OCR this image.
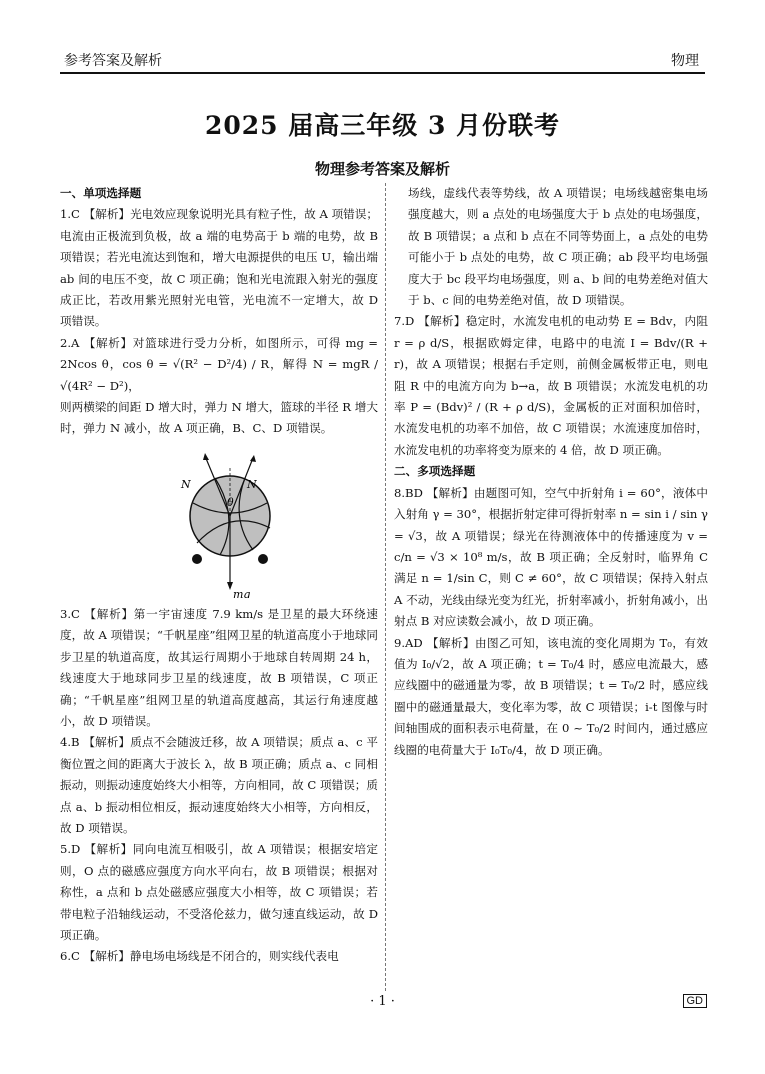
参考答案及解析	物理
2025 届高三年级 3 月份联考
物理参考答案及解析
一、单项选择题

1.C 【解析】光电效应现象说明光具有粒子性，故 A 项错误；电流由正极流到负极，故 a 端的电势高于 b 端的电势，故 B 项错误；若光电流达到饱和，增大电源提供的电压 U，输出端 ab 间的电压不变，故 C 项正确；饱和光电流跟入射光的强度成正比，若改用紫光照射光电管，光电流不一定增大，故 D 项错误。

2.A 【解析】对篮球进行受力分析，如图所示，可得 mg = 2Ncos θ，cos θ = √(R² − D²/4) / R，解得 N = mgR / √(4R² − D²)，

则两横梁的间距 D 增大时，弹力 N 增大，篮球的半径 R 增大时，弹力 N 减小，故 A 项正确，B、C、D 项错误。

N	N
θ
mg

3.C 【解析】第一宇宙速度 7.9 km/s 是卫星的最大环绕速度，故 A 项错误；“千帆星座”组网卫星的轨道高度小于地球同步卫星的轨道高度，故其运行周期小于地球自转周期 24 h，线速度大于地球同步卫星的线速度，故 B 项错误，C 项正确；“千帆星座”组网卫星的轨道高度越高，其运行角速度越小，故 D 项错误。

4.B 【解析】质点不会随波迁移，故 A 项错误；质点 a、c 平衡位置之间的距离大于波长 λ，故 B 项正确；质点 a、c 同相振动，则振动速度始终大小相等，方向相同，故 C 项错误；质点 a、b 振动相位相反，振动速度始终大小相等，方向相反，故 D 项错误。

5.D 【解析】同向电流互相吸引，故 A 项错误；根据安培定则，O 点的磁感应强度方向水平向右，故 B 项错误；根据对称性，a 点和 b 点处磁感应强度大小相等，故 C 项错误；若带电粒子沿轴线运动，不受洛伦兹力，做匀速直线运动，故 D 项正确。

6.C 【解析】静电场电场线是不闭合的，则实线代表电

场线，虚线代表等势线，故 A 项错误；电场线越密集电场强度越大，则 a 点处的电场强度大于 b 点处的电场强度，故 B 项错误；a 点和 b 点在不同等势面上，a 点处的电势可能小于 b 点处的电势，故 C 项正确；ab 段平均电场强度大于 bc 段平均电场强度，则 a、b 间的电势差绝对值大于 b、c 间的电势差绝对值，故 D 项错误。

7.D 【解析】稳定时，水流发电机的电动势 E = Bdv，内阻 r = ρ d/S，根据欧姆定律，电路中的电流 I = Bdv/(R + r)，故 A 项错误；根据右手定则，前侧金属板带正电，则电阻 R 中的电流方向为 b→a，故 B 项错误；水流发电机的功率 P = (Bdv)² / (R + ρ d/S)，金属板的正对面积加倍时，水流发电机的功率不加倍，故 C 项错误；水流速度加倍时，水流发电机的功率将变为原来的 4 倍，故 D 项正确。

二、多项选择题

8.BD 【解析】由题图可知，空气中折射角 i = 60°，液体中入射角 γ = 30°，根据折射定律可得折射率 n = sin i / sin γ = √3，故 A 项错误；绿光在待测液体中的传播速度为 v = c/n = √3 × 10⁸ m/s，故 B 项正确；全反射时，临界角 C 满足 n = 1/sin C，则 C ≠ 60°，故 C 项错误；保持入射点 A 不动，光线由绿光变为红光，折射率减小，折射角减小，出射点 B 对应读数会减小，故 D 项正确。

9.AD 【解析】由图乙可知，该电流的变化周期为 T₀，有效值为 I₀/√2，故 A 项正确；t = T₀/4 时，感应电流最大，感应线圈中的磁通量为零，故 B 项错误；t = T₀/2 时，感应线圈中的磁通量最大，变化率为零，故 C 项错误；i-t 图像与时间轴围成的面积表示电荷量，在 0 ~ T₀/2 时间内，通过感应线圈的电荷量大于 I₀T₀/4，故 D 项正确。

· 1 ·	GD
